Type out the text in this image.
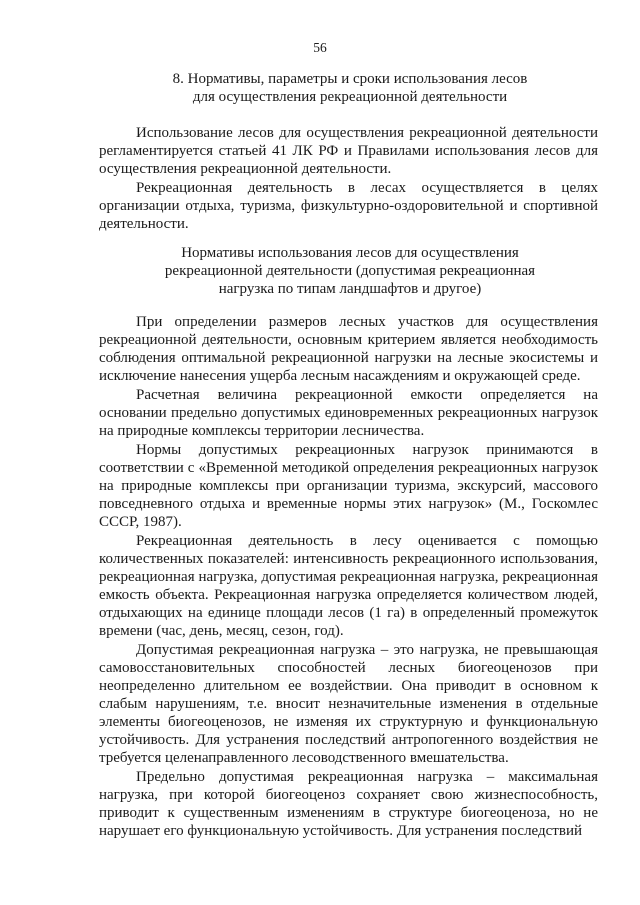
56
8. Нормативы, параметры и сроки использования лесов
для осуществления рекреационной деятельности

Использование лесов для осуществления рекреационной деятельности регламентируется статьей 41 ЛК РФ и Правилами использования лесов для осуществления рекреационной деятельности.

Рекреационная деятельность в лесах осуществляется в целях организации отдыха, туризма, физкультурно-оздоровительной и спортивной деятельности.

Нормативы использования лесов для осуществления
рекреационной деятельности (допустимая рекреационная
нагрузка по типам ландшафтов и другое)

При определении размеров лесных участков для осуществления рекреационной деятельности, основным критерием является необходимость соблюдения оптимальной рекреационной нагрузки на лесные экосистемы и исключение нанесения ущерба лесным насаждениям и окружающей среде.

Расчетная величина рекреационной емкости определяется на основании предельно допустимых единовременных рекреационных нагрузок на природные комплексы территории лесничества.

Нормы допустимых рекреационных нагрузок принимаются в соответствии с «Временной методикой определения рекреационных нагрузок на природные комплексы при организации туризма, экскурсий, массового повседневного отдыха и временные нормы этих нагрузок» (М., Госкомлес СССР, 1987).

Рекреационная деятельность в лесу оценивается с помощью количественных показателей: интенсивность рекреационного использования, рекреационная нагрузка, допустимая рекреационная нагрузка, рекреационная емкость объекта. Рекреационная нагрузка определяется количеством людей, отдыхающих на единице площади лесов (1 га) в определенный промежуток времени (час, день, месяц, сезон, год).

Допустимая рекреационная нагрузка – это нагрузка, не превышающая самовосстановительных способностей лесных биогеоценозов при неопределенно длительном ее воздействии. Она приводит в основном к слабым нарушениям, т.е. вносит незначительные изменения в отдельные элементы биогеоценозов, не изменяя их структурную и функциональную устойчивость. Для устранения последствий антропогенного воздействия не требуется целенаправленного лесоводственного вмешательства.

Предельно допустимая рекреационная нагрузка – максимальная нагрузка, при которой биогеоценоз сохраняет свою жизнеспособность, приводит к существенным изменениям в структуре биогеоценоза, но не нарушает его функциональную устойчивость. Для устранения последствий
